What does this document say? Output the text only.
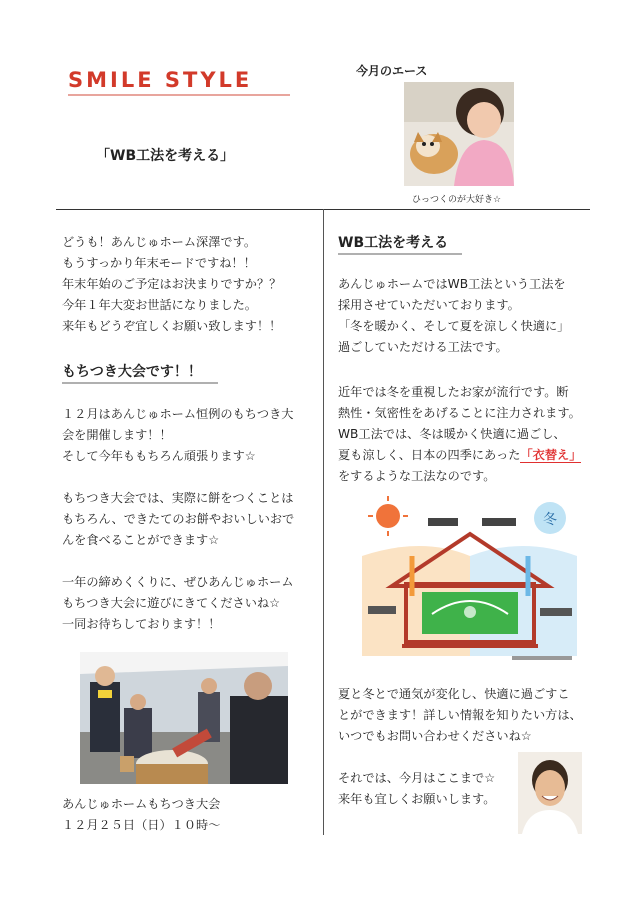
SMILE STYLE
「WB工法を考える」
今月のエース
ひっつくのが大好き☆
どうも！あんじゅホーム深澤です。
もうすっかり年末モードですね！！
年末年始のご予定はお決まりですか？？
今年１年大変お世話になりました。
来年もどうぞ宜しくお願い致します！！
もちつき大会です！！
１２月はあんじゅホーム恒例のもちつき大
会を開催します！！
そして今年ももちろん頑張ります☆
もちつき大会では、実際に餅をつくことは
もちろん、できたてのお餅やおいしいおで
んを食べることができます☆
一年の締めくくりに、ぜひあんじゅホーム
もちつき大会に遊びにきてくださいね☆
一同お待ちしております！！
あんじゅホームもちつき大会
１２月２５日（日）１０時～
WB工法を考える
あんじゅホームではWB工法という工法を
採用させていただいております。
「冬を暖かく、そして夏を涼しく快適に」
過ごしていただける工法です。
近年では冬を重視したお家が流行です。断
熱性・気密性をあげることに注力されます。
WB工法では、冬は暖かく快適に過ごし、
夏も涼しく、日本の四季にあった「衣替え」
をするような工法なのです。
冬
夏と冬とで通気が変化し、快適に過ごすこ
とができます！詳しい情報を知りたい方は、
いつでもお問い合わせくださいね☆
それでは、今月はここまで☆
来年も宜しくお願いします。
